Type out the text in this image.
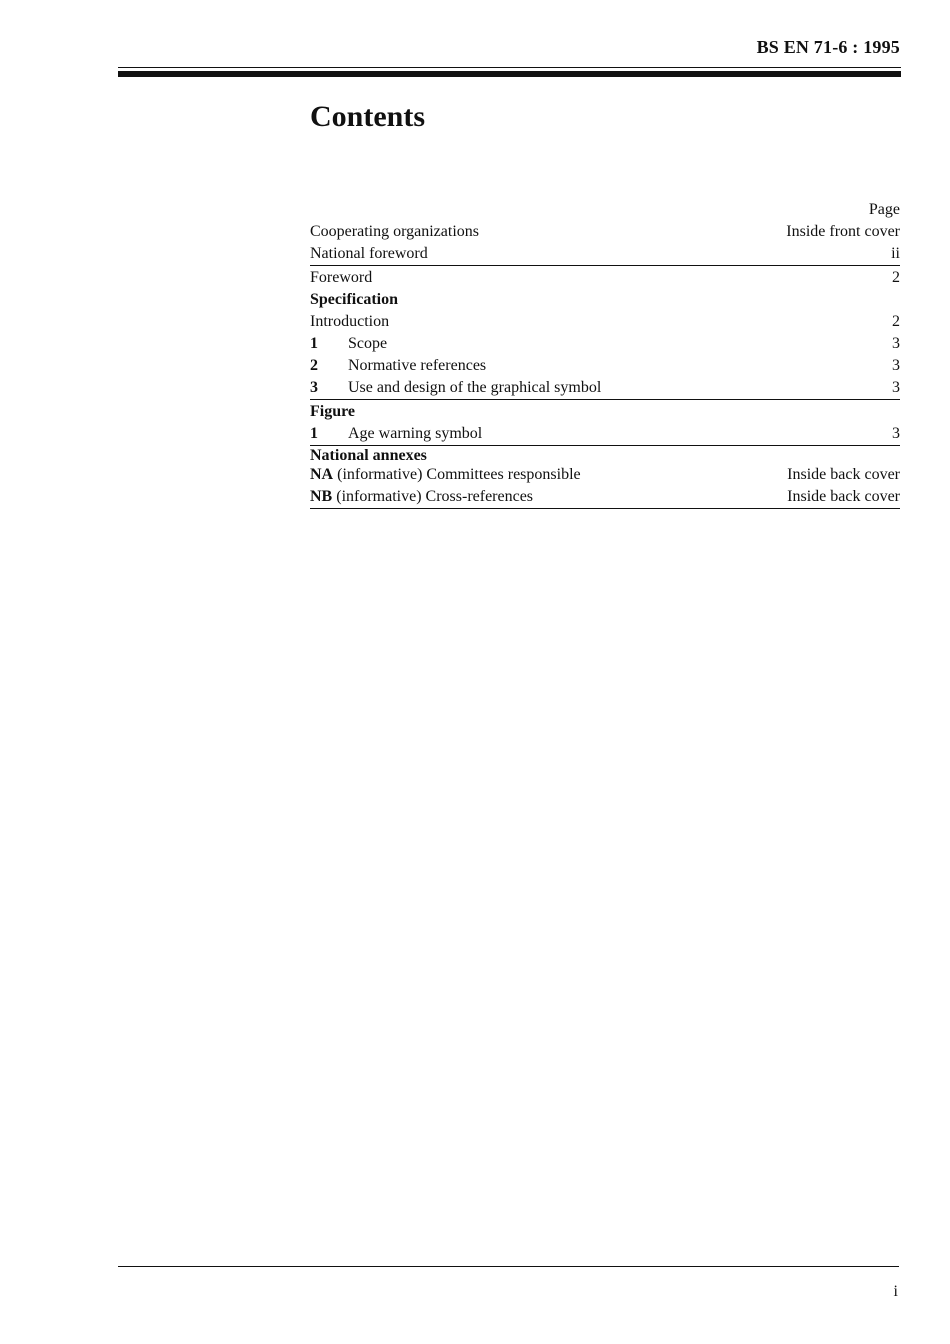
BS EN 71-6 : 1995
Contents
Page
Cooperating organizations	Inside front cover
National foreword	ii
Foreword	2
Specification
Introduction	2
1	Scope	3
2	Normative references	3
3	Use and design of the graphical symbol	3
Figure
1	Age warning symbol	3
National annexes
NA (informative) Committees responsible	Inside back cover
NB (informative) Cross-references	Inside back cover
i
